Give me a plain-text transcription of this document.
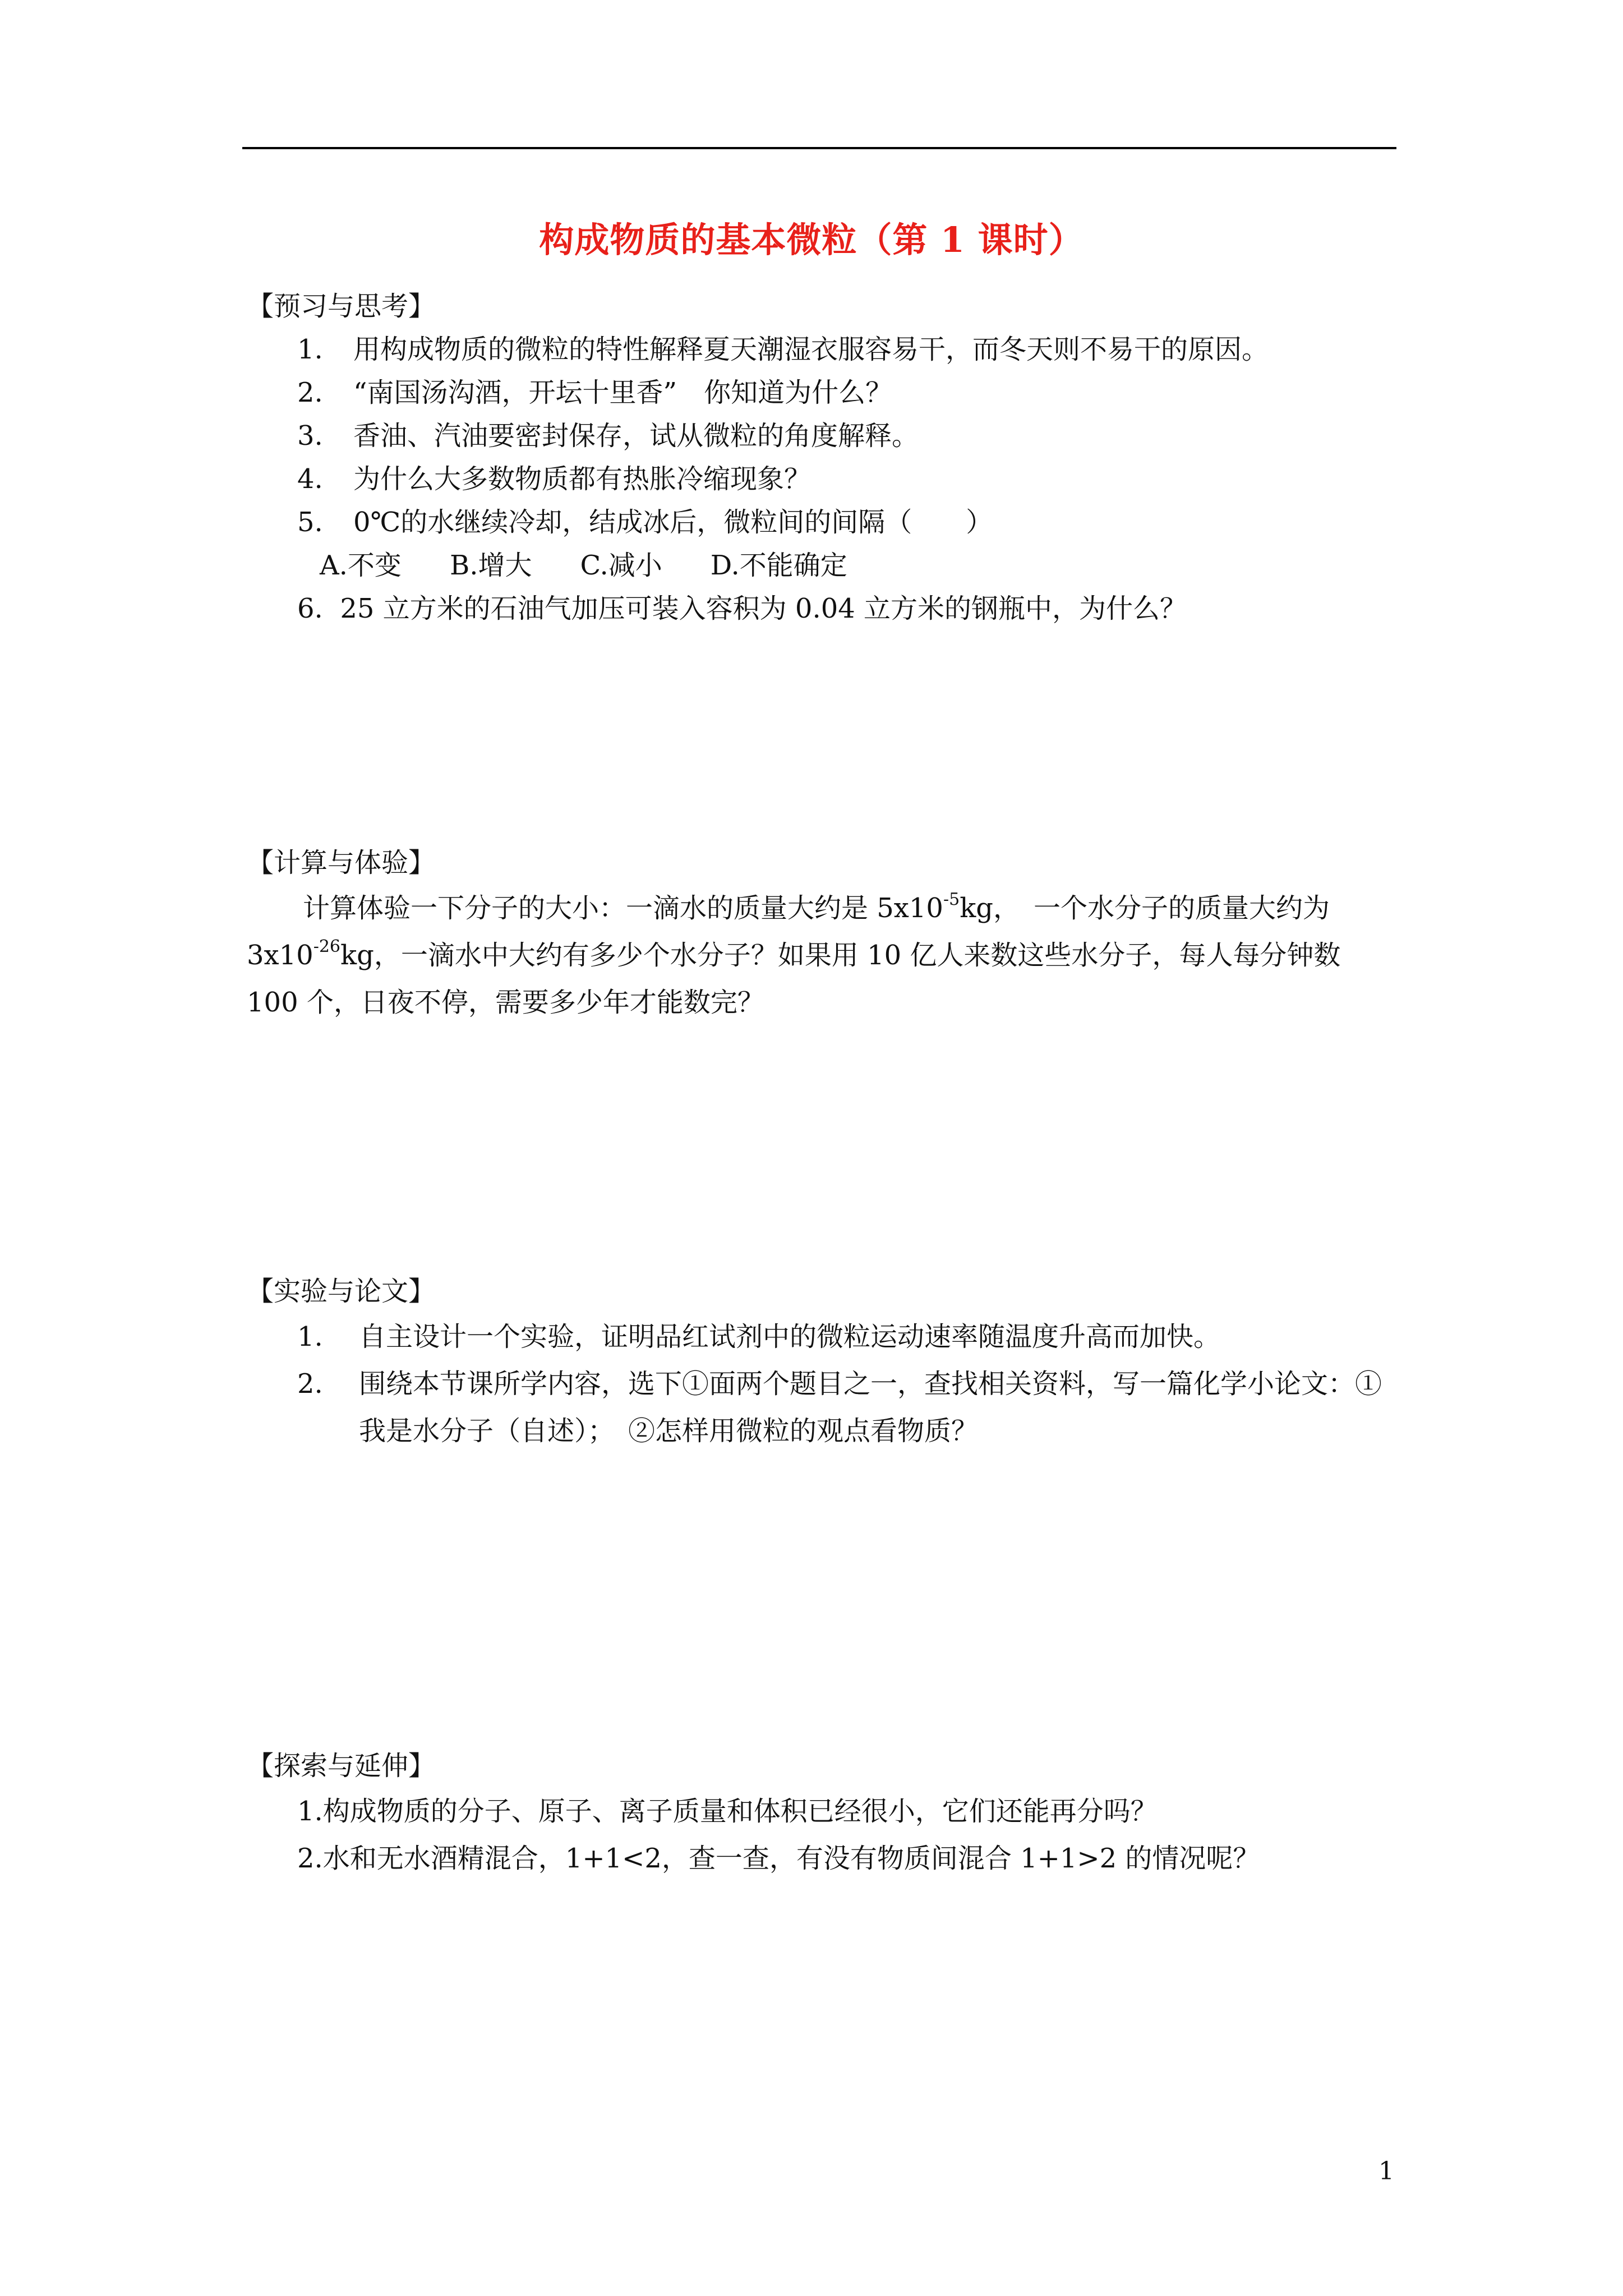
构成物质的基本微粒（第 1 课时）
【预习与思考】
1. 用构成物质的微粒的特性解释夏天潮湿衣服容易干，而冬天则不易干的原因。
2. “南国汤沟酒，开坛十里香”　你知道为什么？
3. 香油、汽油要密封保存，试从微粒的角度解释。
4. 为什么大多数物质都有热胀冷缩现象？
5. 0℃的水继续冷却，结成冰后，微粒间的间隔（　　）
A.不变 B.增大 C.减小 D.不能确定
6. 25 立方米的石油气加压可装入容积为 0.04 立方米的钢瓶中，为什么？
【计算与体验】
计算体验一下分子的大小：一滴水的质量大约是 $5x10^{-5}kg$，　一个水分子的质量大约为
$3x10^{-26}kg$，一滴水中大约有多少个水分子？如果用 10 亿人来数这些水分子，每人每分钟数
100 个，日夜不停，需要多少年才能数完？
【实验与论文】
1. 自主设计一个实验，证明品红试剂中的微粒运动速率随温度升高而加快。
2. 围绕本节课所学内容，选下①面两个题目之一，查找相关资料，写一篇化学小论文：①
我是水分子（自述）；　②怎样用微粒的观点看物质？
【探索与延伸】
1.构成物质的分子、原子、离子质量和体积已经很小，它们还能再分吗？
2.水和无水酒精混合，1+1<2，查一查，有没有物质间混合 1+1>2 的情况呢？
1
